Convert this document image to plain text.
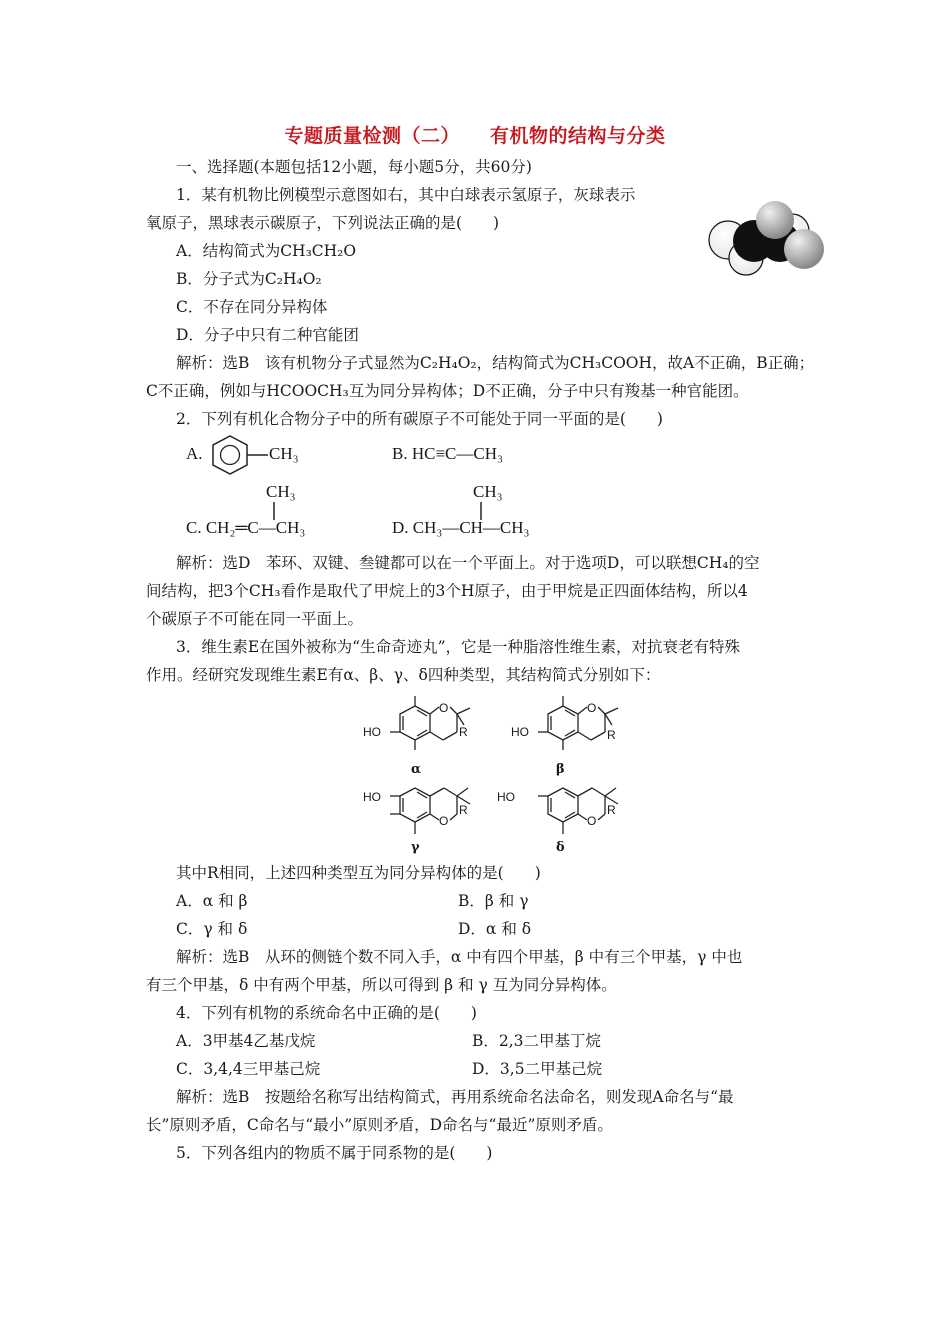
专题质量检测（二） 有机物的结构与分类
一、选择题(本题包括12小题，每小题5分，共60分)
1．某有机物比例模型示意图如右，其中白球表示氢原子，灰球表示
氧原子，黑球表示碳原子，下列说法正确的是(　　)
A．结构简式为CH₃CH₂O
B．分子式为C₂H₄O₂
C．不存在同分异构体
D．分子中只有二种官能团
解析：选B　该有机物分子式显然为C₂H₄O₂，结构简式为CH₃COOH，故A不正确，B正确；
C不正确，例如与HCOOCH₃互为同分异构体；D不正确，分子中只有羧基一种官能团。
2．下列有机化合物分子中的所有碳原子不可能处于同一平面的是(　　)
A.	CH₃	B. HC≡C—CH₃
CH₃
C. CH₂═C—CH₃
CH₃
D. CH₃—CH—CH₃
解析：选D　苯环、双键、叁键都可以在一个平面上。对于选项D，可以联想CH₄的空
间结构，把3个CH₃看作是取代了甲烷上的3个H原子，由于甲烷是正四面体结构，所以4
个碳原子不可能在同一平面上。
3．维生素E在国外被称为“生命奇迹丸”，它是一种脂溶性维生素，对抗衰老有特殊
作用。经研究发现维生素E有α、β、γ、δ四种类型，其结构简式分别如下：
O
HO	R
α
O
HO	R
β
HO
R
O
γ
HO
R
O
δ
其中R相同，上述四种类型互为同分异构体的是(　　)
A．α 和 β	B．β 和 γ
C．γ 和 δ	D．α 和 δ
解析：选B　从环的侧链个数不同入手，α 中有四个甲基，β 中有三个甲基，γ 中也
有三个甲基，δ 中有两个甲基，所以可得到 β 和 γ 互为同分异构体。
4．下列有机物的系统命名中正确的是(　　)
A．3甲基4乙基戊烷	B．2,3二甲基丁烷
C．3,4,4三甲基己烷	D．3,5二甲基己烷
解析：选B　按题给名称写出结构简式，再用系统命名法命名，则发现A命名与“最
长”原则矛盾，C命名与“最小”原则矛盾，D命名与“最近”原则矛盾。
5．下列各组内的物质不属于同系物的是(　　)
